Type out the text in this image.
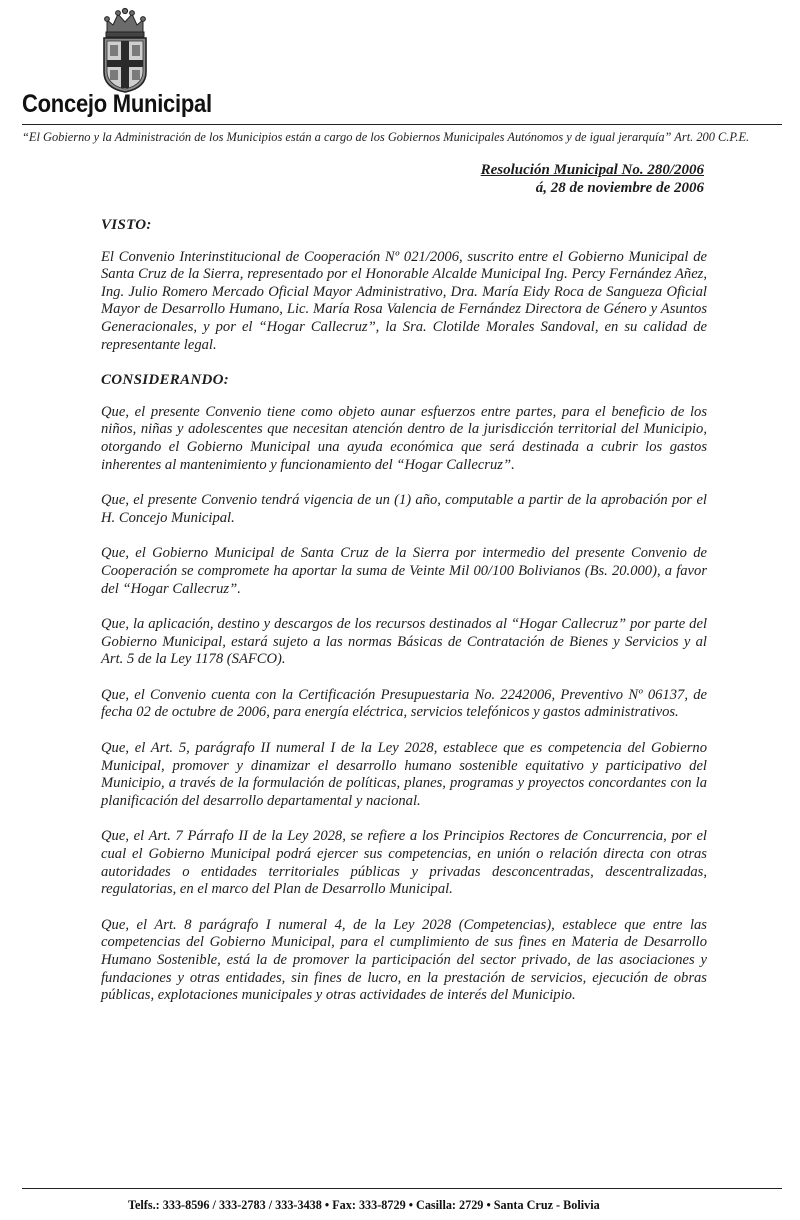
Concejo Municipal
“El Gobierno y la Administración de los Municipios están a cargo de los Gobiernos Municipales Autónomos y de igual jerarquía” Art. 200 C.P.E.
Resolución Municipal No. 280/2006
á, 28 de noviembre de 2006
VISTO:

El Convenio Interinstitucional de Cooperación Nº 021/2006, suscrito entre el Gobierno Municipal de Santa Cruz de la Sierra, representado por el Honorable Alcalde Municipal Ing. Percy Fernández Añez, Ing. Julio Romero Mercado Oficial Mayor Administrativo, Dra. María Eidy Roca de Sangueza Oficial Mayor de Desarrollo Humano, Lic. María Rosa Valencia de Fernández Directora de Género y Asuntos Generacionales, y por el “Hogar Callecruz”, la Sra. Clotilde Morales Sandoval, en su calidad de representante legal.

CONSIDERANDO:

Que, el presente Convenio tiene como objeto aunar esfuerzos entre partes, para el beneficio de los niños, niñas y adolescentes que necesitan atención dentro de la jurisdicción territorial del Municipio, otorgando el Gobierno Municipal una ayuda económica que será destinada a cubrir los gastos inherentes al mantenimiento y funcionamiento del “Hogar Callecruz”.

Que, el presente Convenio tendrá vigencia de un (1) año, computable a partir de la aprobación por el H. Concejo Municipal.

Que, el Gobierno Municipal de Santa Cruz de la Sierra por intermedio del presente Convenio de Cooperación se compromete ha aportar la suma de Veinte Mil 00/100 Bolivianos (Bs. 20.000), a favor del “Hogar Callecruz”.

Que, la aplicación, destino y descargos de los recursos destinados al “Hogar Callecruz” por parte del Gobierno Municipal, estará sujeto a las normas Básicas de Contratación de Bienes y Servicios y al Art. 5 de la Ley 1178 (SAFCO).

Que, el Convenio cuenta con la Certificación Presupuestaria No. 2242006, Preventivo Nº 06137, de fecha 02 de octubre de 2006, para energía eléctrica, servicios telefónicos y gastos administrativos.

Que, el Art. 5, parágrafo II numeral I de la Ley 2028, establece que es competencia del Gobierno Municipal, promover y dinamizar el desarrollo humano sostenible equitativo y participativo del Municipio, a través de la formulación de políticas, planes, programas y proyectos concordantes con la planificación del desarrollo departamental y nacional.

Que, el Art. 7 Párrafo II de la Ley 2028, se refiere a los Principios Rectores de Concurrencia, por el cual el Gobierno Municipal podrá ejercer sus competencias, en unión o relación directa con otras autoridades o entidades territoriales públicas y privadas desconcentradas, descentralizadas, regulatorias, en el marco del Plan de Desarrollo Municipal.

Que, el Art. 8 parágrafo I numeral 4, de la Ley 2028 (Competencias), establece que entre las competencias del Gobierno Municipal, para el cumplimiento de sus fines en Materia de Desarrollo Humano Sostenible, está la de promover la participación del sector privado, de las asociaciones y fundaciones y otras entidades, sin fines de lucro, en la prestación de servicios, ejecución de obras públicas, explotaciones municipales y otras actividades de interés del Municipio.

Telfs.: 333-8596 / 333-2783 / 333-3438 • Fax: 333-8729 • Casilla: 2729 • Santa Cruz - Bolivia
